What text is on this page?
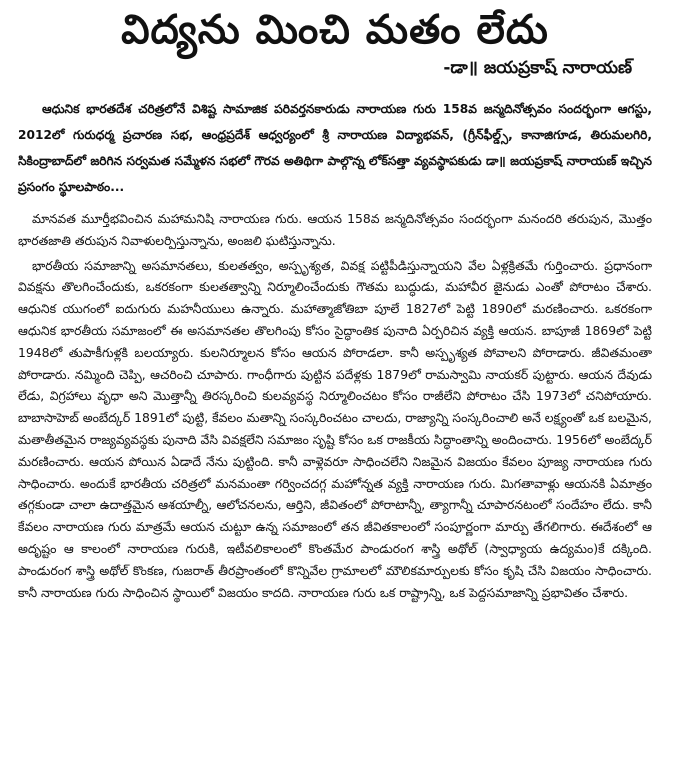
విద్యను మించి మతం లేదు
-డా॥ జయప్రకాష్ నారాయణ్

ఆధునిక భారతదేశ చరిత్రలోనే విశిష్ట సామాజిక పరివర్తనకారుడు నారాయణ గురు 158వ జన్మదినోత్సవం సందర్భంగా ఆగస్టు, 2012లో గురుధర్మ ప్రచారణ సభ, ఆంధ్రప్రదేశ్ ఆధ్వర్యంలో శ్రీ నారాయణ విద్యాభవన్, (గ్రీన్‌ఫీల్డ్స్, కానాజిగూడ, తిరుమలగిరి, సికింద్రాబాద్‌లో జరిగిన సర్వమత సమ్మేళన సభలో గౌరవ అతిథిగా పాల్గొన్న లోక్‌సత్తా వ్యవస్థాపకుడు డా॥ జయప్రకాష్ నారాయణ్ ఇచ్చిన ప్రసంగం స్థూలపాఠం...

మానవత మూర్తీభవించిన మహామనిషి నారాయణ గురు. ఆయన 158వ జన్మదినోత్సవం సందర్భంగా మనందరి తరుపున, మొత్తం భారతజాతి తరుపున నివాళులర్పిస్తున్నాను, అంజలి ఘటిస్తున్నాను.

భారతీయ సమాజాన్ని అసమానతలు, కులతత్వం, అస్పృశ్యత, వివక్ష పట్టిపీడిస్తున్నాయని వేల ఏళ్లక్రితమే గుర్తించారు. ప్రధానంగా వివక్షను తొలగించేందుకు, ఒకరకంగా కులతత్వాన్ని నిర్మూలించేందుకు గౌతమ బుద్ధుడు, మహావీర జైనుడు ఎంతో పోరాటం చేశారు. ఆధునిక యుగంలో ఐదుగురు మహనీయులు ఉన్నారు. మహాత్మాజోతిబా పూలే 1827లో పెట్టి 1890లో మరణించారు. ఒకరకంగా ఆధునిక భారతీయ సమాజంలో ఈ అసమానతల తొలగింపు కోసం సైద్ధాంతిక పునాది ఏర్పరిచిన వ్యక్తి ఆయన. బాపూజీ 1869లో పెట్టి 1948లో తుపాకీగుళ్లకి బలయ్యారు. కులనిర్మూలన కోసం ఆయన పోరాడలా. కానీ అస్పృశ్యత పోవాలని పోరాడారు. జీవితమంతా పోరాడారు. నమ్మింది చెప్పి, ఆచరించి చూపారు. గాంధీగారు పుట్టిన పదేళ్లకు 1879లో రామస్వామి నాయకర్ పుట్టారు. ఆయన దేవుడు లేడు, విగ్రహాలు వృధా అని మొత్తాన్నీ తిరస్కరించి కులవ్యవస్థ నిర్మూలించటం కోసం రాజీలేని పోరాటం చేసి 1973లో చనిపోయారు. బాబాసాహెబ్ అంబేద్కర్ 1891లో పుట్టి, కేవలం మతాన్ని సంస్కరించటం చాలదు, రాజ్యాన్ని సంస్కరించాలి అనే లక్ష్యంతో ఒక బలమైన, మతాతీతమైన రాజ్యవ్యవస్థకు పునాది వేసి వివక్షలేని సమాజం సృష్టి కోసం ఒక రాజకీయ సిద్ధాంతాన్ని అందించారు. 1956లో అంబేద్కర్ మరణించారు. ఆయన పోయిన ఏడాదే నేను పుట్టింది. కానీ వాళ్లెవరూ సాధించలేని నిజమైన విజయం కేవలం పూజ్య నారాయణ గురు సాధించారు. అందుకే భారతీయ చరిత్రలో మనమంతా గర్వించదగ్గ మహోన్నత వ్యక్తి నారాయణ గురు. మిగతావాళ్లు ఆయనకి ఏమాత్రం తగ్గకుండా చాలా ఉదాత్తమైన ఆశయాల్నీ, ఆలోచనలను, ఆర్తిని, జీవితంలో పోరాటాన్నీ, త్యాగాన్నీ చూపారనటంలో సందేహం లేదు. కానీ కేవలం నారాయణ గురు మాత్రమే ఆయన చుట్టూ ఉన్న సమాజంలో తన జీవితకాలంలో సంపూర్ణంగా మార్పు తేగలిగారు. ఈదేశంలో ఆ అదృష్టం ఆ కాలంలో నారాయణ గురుకి, ఇటీవలికాలంలో కొంతమేర పాండురంగ శాస్త్రి అథోల్ (స్వాధ్యాయ ఉద్యమం)కే దక్కింది. పాండురంగ శాస్త్రి అథోల్ కొంకణ, గుజరాత్ తీరప్రాంతంలో కొన్నివేల గ్రామాలలో మౌలికమార్పులకు కోసం కృషి చేసి విజయం సాధించారు. కానీ నారాయణ గురు సాధించిన స్థాయిలో విజయం కాదది. నారాయణ గురు ఒక రాష్ట్రాన్ని, ఒక పెద్దసమాజాన్ని ప్రభావితం చేశారు.
